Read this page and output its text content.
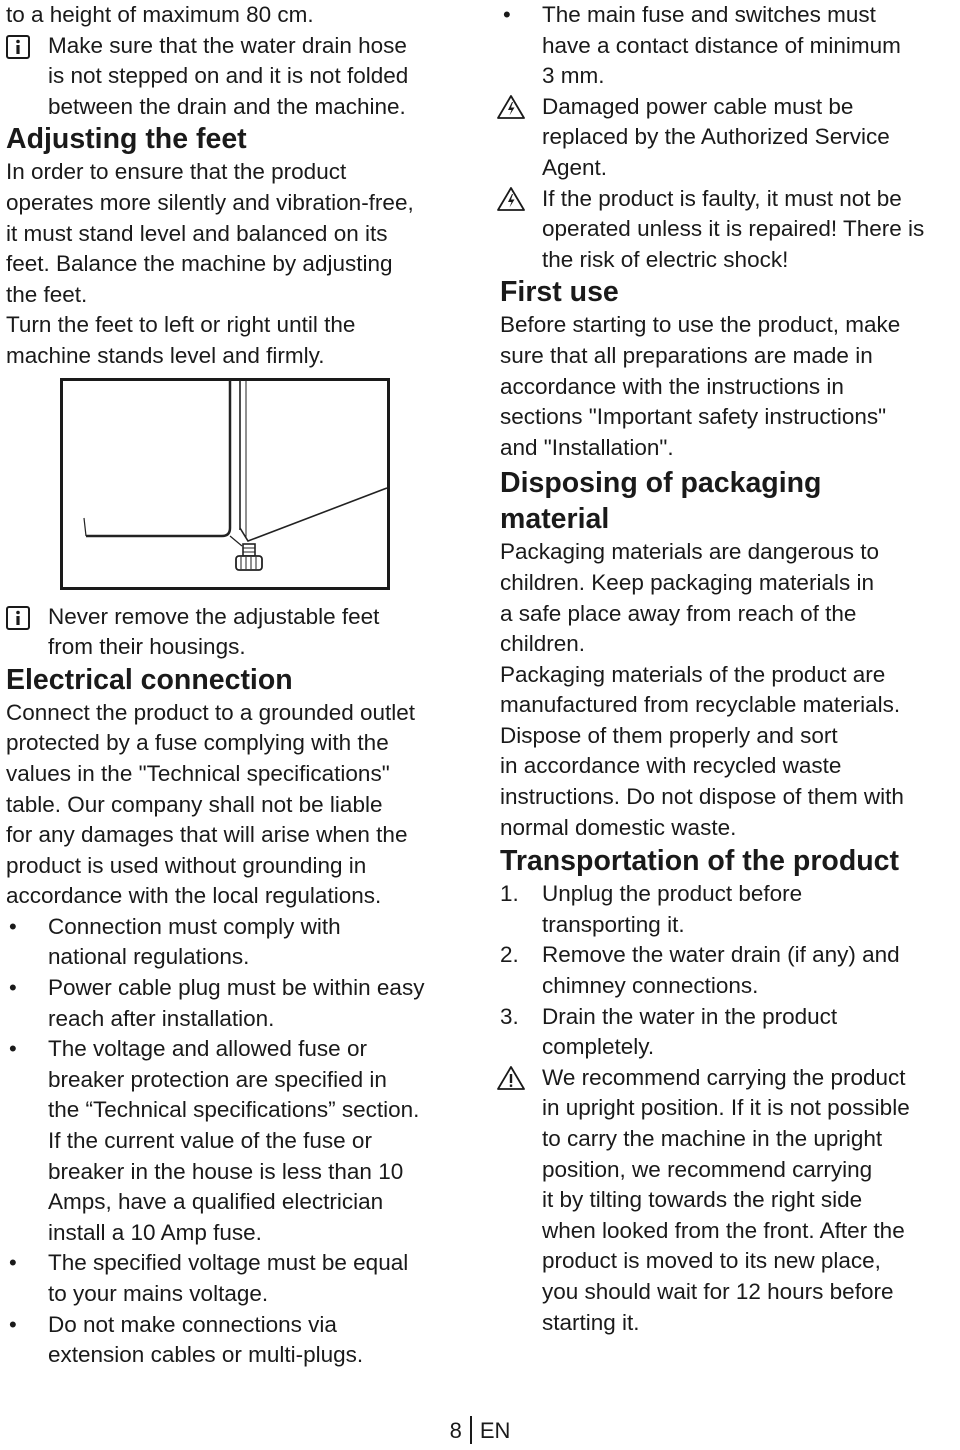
to a height of maximum 80 cm.
Make sure that the water drain hose
is not stepped on and it is not folded
between the drain and the machine.
Adjusting the feet
In order to ensure that the product
operates more silently and vibration-free,
it must stand level and balanced on its
feet. Balance the machine by adjusting
the feet.
Turn the feet to left or right until the
machine stands level and firmly.
Never remove the adjustable feet
from their housings.
Electrical connection
Connect the product to a grounded outlet
protected by a fuse complying with the
values in the "Technical specifications"
table. Our company shall not be liable
for any damages that will arise when the
product is used without grounding in
accordance with the local regulations.
•	Connection must comply with
national regulations.
•	Power cable plug must be within easy
reach after installation.
•	The voltage and allowed fuse or
breaker protection are specified in
the “Technical specifications” section.
If the current value of the fuse or
breaker in the house is less than 10
Amps, have a qualified electrician
install a 10 Amp fuse.
•	The specified voltage must be equal
to your mains voltage.
•	Do not make connections via
extension cables or multi-plugs.
•	The main fuse and switches must
have a contact distance of minimum
3 mm.
Damaged power cable must be
replaced by the Authorized Service
Agent.
If the product is faulty, it must not be
operated unless it is repaired! There is
the risk of electric shock!
First use
Before starting to use the product, make
sure that all preparations are made in
accordance with the instructions in
sections "Important safety instructions"
and "Installation".
Disposing of packaging
material
Packaging materials are dangerous to
children. Keep packaging materials in
a safe place away from reach of the
children.
Packaging materials of the product are
manufactured from recyclable materials.
Dispose of them properly and sort
in accordance with recycled waste
instructions. Do not dispose of them with
normal domestic waste.
Transportation of the product
1.	Unplug the product before
transporting it.
2.	Remove the water drain (if any) and
chimney connections.
3.	Drain the water in the product
completely.
We recommend carrying the product
in upright position. If it is not possible
to carry the machine in the upright
position, we recommend carrying
it by tilting towards the right side
when looked from the front. After the
product is moved to its new place,
you should wait for 12 hours before
starting it.
8 EN
